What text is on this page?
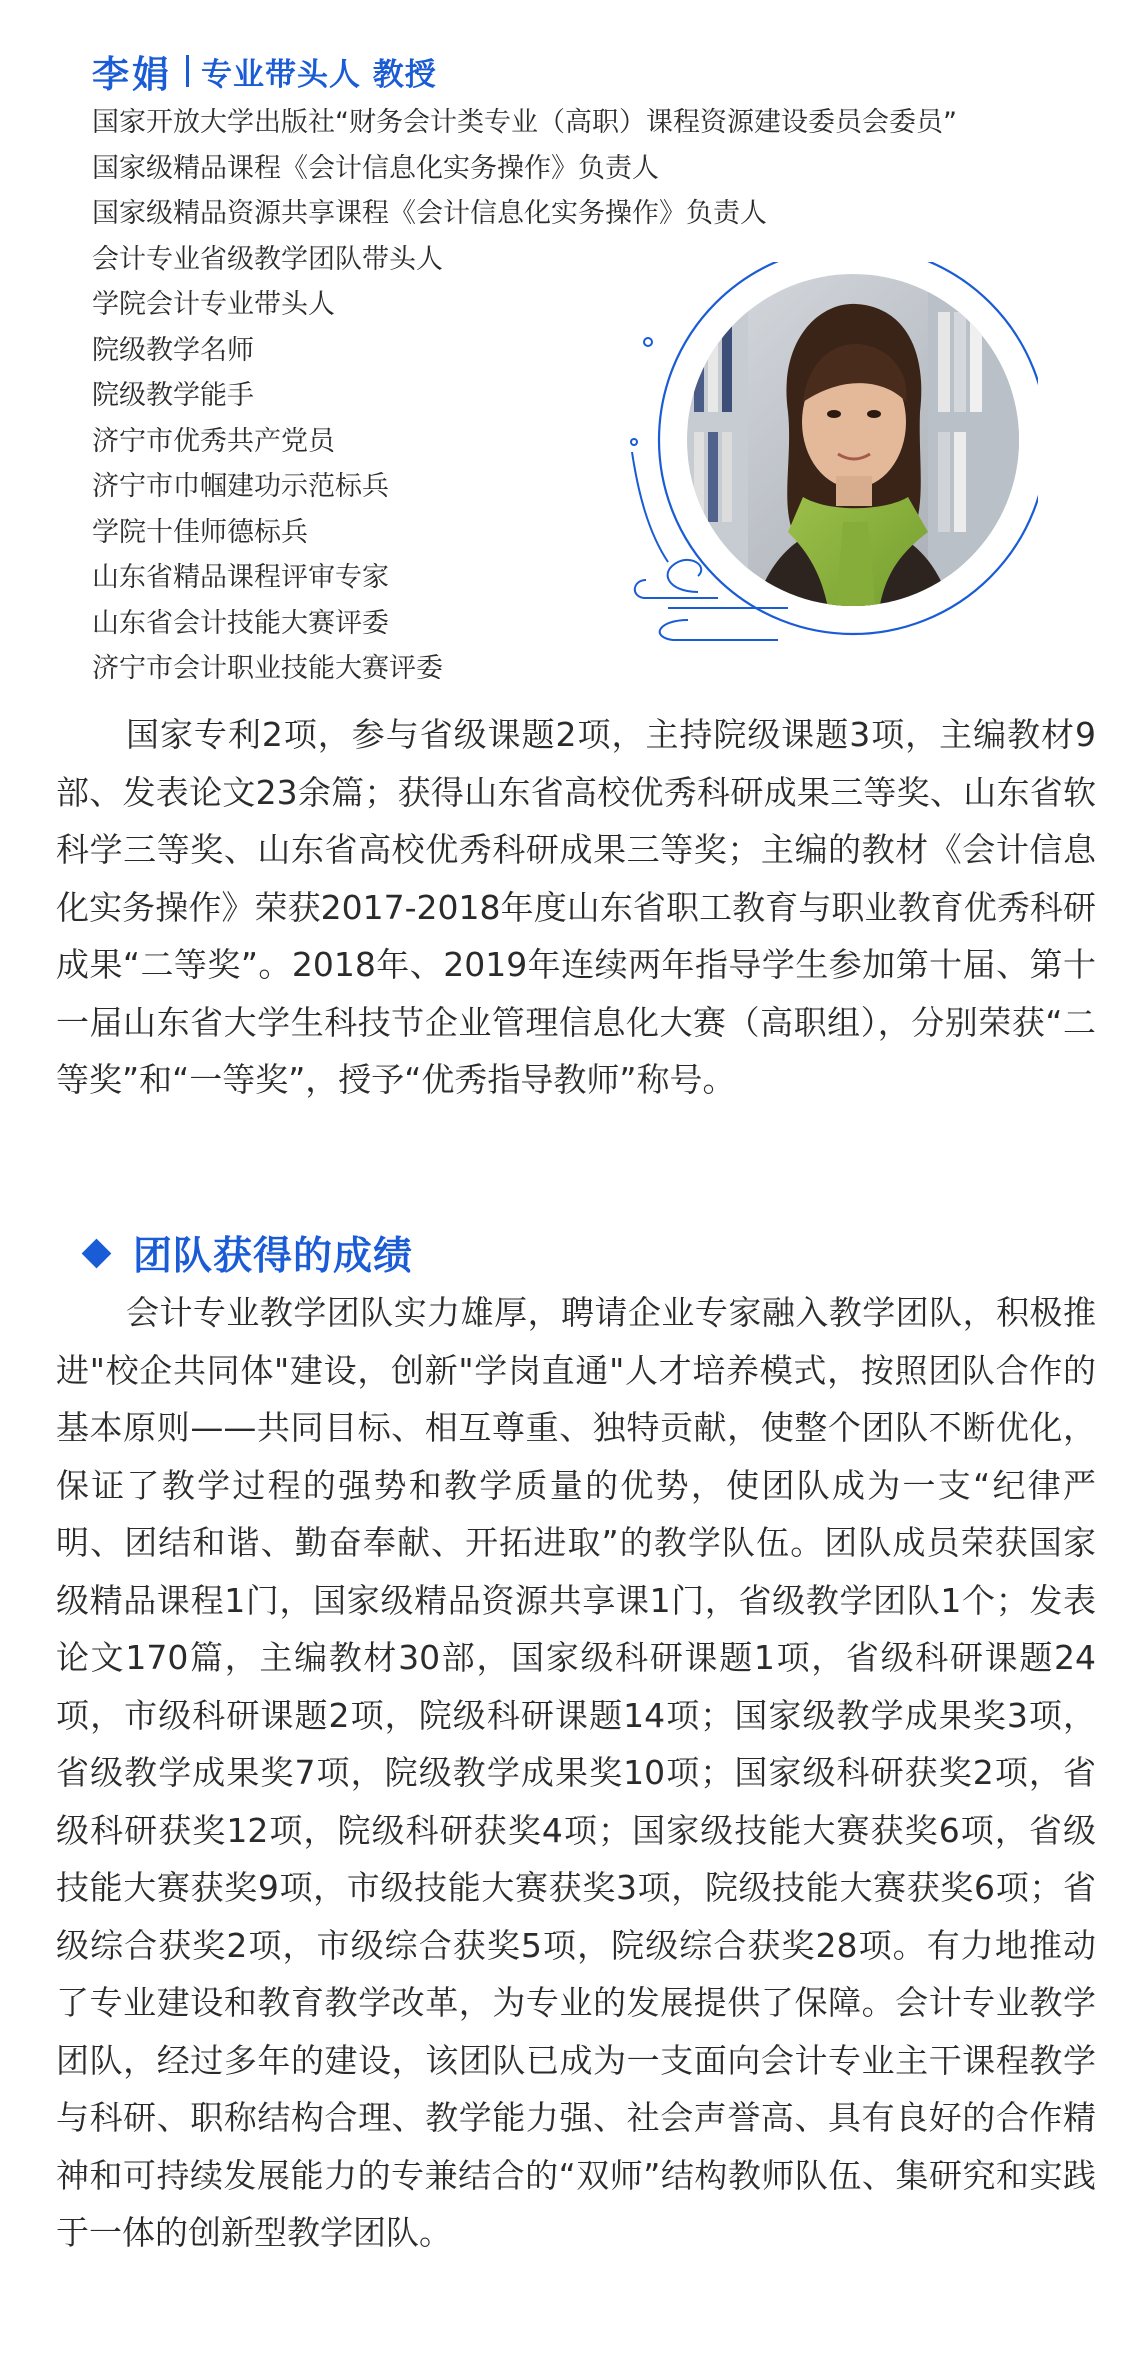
李娟 专业带头人 教授
国家开放大学出版社“财务会计类专业（高职）课程资源建设委员会委员”
国家级精品课程《会计信息化实务操作》负责人
国家级精品资源共享课程《会计信息化实务操作》负责人
会计专业省级教学团队带头人
学院会计专业带头人
院级教学名师
院级教学能手
济宁市优秀共产党员
济宁市巾帼建功示范标兵
学院十佳师德标兵
山东省精品课程评审专家
山东省会计技能大赛评委
济宁市会计职业技能大赛评委

国家专利2项，参与省级课题2项，主持院级课题3项，主编教材9部、发表论文23余篇；获得山东省高校优秀科研成果三等奖、山东省软科学三等奖、山东省高校优秀科研成果三等奖；主编的教材《会计信息化实务操作》荣获2017-2018年度山东省职工教育与职业教育优秀科研成果“二等奖”。2018年、2019年连续两年指导学生参加第十届、第十一届山东省大学生科技节企业管理信息化大赛（高职组），分别荣获“二等奖”和“一等奖”，授予“优秀指导教师”称号。

团队获得的成绩

会计专业教学团队实力雄厚，聘请企业专家融入教学团队，积极推进"校企共同体"建设，创新"学岗直通"人才培养模式，按照团队合作的基本原则——共同目标、相互尊重、独特贡献，使整个团队不断优化，保证了教学过程的强势和教学质量的优势，使团队成为一支“纪律严明、团结和谐、勤奋奉献、开拓进取”的教学队伍。团队成员荣获国家级精品课程1门，国家级精品资源共享课1门，省级教学团队1个；发表论文170篇，主编教材30部，国家级科研课题1项，省级科研课题24项，市级科研课题2项，院级科研课题14项；国家级教学成果奖3项，省级教学成果奖7项，院级教学成果奖10项；国家级科研获奖2项，省级科研获奖12项，院级科研获奖4项；国家级技能大赛获奖6项，省级技能大赛获奖9项，市级技能大赛获奖3项，院级技能大赛获奖6项；省级综合获奖2项，市级综合获奖5项，院级综合获奖28项。有力地推动了专业建设和教育教学改革，为专业的发展提供了保障。会计专业教学团队，经过多年的建设，该团队已成为一支面向会计专业主干课程教学与科研、职称结构合理、教学能力强、社会声誉高、具有良好的合作精神和可持续发展能力的专兼结合的“双师”结构教师队伍、集研究和实践于一体的创新型教学团队。
